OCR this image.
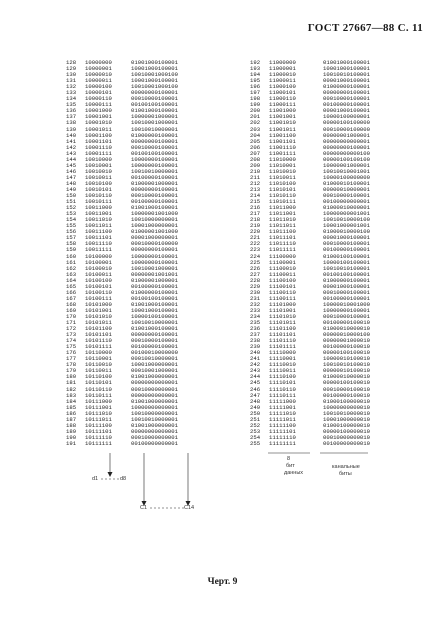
ГОСТ 27667—88 С. 11
128	10000000	01001000100001
129	10000001	10001000100001
130	10000010	10010001000100
131	10000011	10001000100001
132	10000100	10010001000100
133	10000101	00000000100001
134	10000110	00010000100001
135	10000111	00100100100001
136	10001000	01001000100001
137	10001001	10000001000001
138	10001010	10010001000001
139	10001011	10010010000001
140	10001100	01000000100001
141	10001101	00000000100001
142	10001110	00010000100001
143	10001111	00100100100001
144	10010000	10000000100001
145	10010001	10000000100001
146	10010010	10010010000001
147	10010011	00100000100001
148	10010100	01000001000001
149	10010101	00000000100001
150	10010110	00010000100001
151	10010111	00100000100001
152	10011000	01001000100001
153	10011001	10000001001000
154	10011010	10010000000001
155	10011011	10001000000001
156	10011100	01000001001000
157	10011101	00001000000001
158	10011110	00010000100000
159	10011111	00000000100001
160	10100000	10000000100001
161	10100001	10000000100001
162	10100010	10010001000001
163	10100011	00000001001001
164	10100100	01000001000001
165	10100101	00100000100001
166	10100110	01000000100001
167	10100111	00100100100001
168	10101000	01001000100001
169	10101001	10001000100001
170	10101010	10000100100001
171	10101011	10010010000001
172	10101100	01001000100001
173	10101101	00000000100001
174	10101110	00010000100001
175	10101111	00100000100001
176	10110000	00100010000000
177	10110001	00010010000001
178	10110010	10001000000001
179	10110011	00010001000001
180	10110100	01001000000001
181	10110101	00000000000001
182	10110110	00010000000001
183	10110111	00000000000001
184	10111000	01001000000001
185	10111001	10000000000001
186	10111010	10010000000001
187	10111011	10010010000001
188	10111100	01001000000001
189	10111101	00000000000001
190	10111110	00010000000001
191	10111111	00100000000001
192	11000000	01001000100001
193	11000001	10001000100001
194	11000010	10010010100001
195	11000011	00001000100001
196	11000100	01000000100001
197	11000101	00000000100001
198	11000110	00010000100001
199	11000111	00100000100001
200	11001000	00001000100001
201	11001001	10000100000001
202	11001010	00000100100000
203	11001011	00010000100000
204	11001100	00000001000001
205	11001101	00000000000001
206	11001110	00000000100001
207	11001111	00000000000100
208	11010000	00000100100100
209	11010001	10000001000001
210	11010010	10010010001001
211	11010011	10000100000000
212	11010100	01000010100001
213	11010101	00000010000001
214	11010110	00010000100001
215	11010111	00100000000001
216	11011000	01000010000001
217	11011001	10000000001001
218	11011010	10010010000100
219	11011011	10001000001001
220	11011100	01000010000100
221	11011101	00001000100001
222	11011110	00010000100001
223	11011111	00100000100001
224	11100000	01000100100001
225	11100001	10000100100001
226	11100010	10010010100001
227	11100011	00100100100001
228	11100100	01000000100001
229	11100101	00001000100001
230	11100110	00010000100001
231	11100111	00100000100001
232	11101000	10000010001000
233	11101001	10000000100001
234	11101010	00010000100001
235	11101011	00100000100010
236	11101100	01000010000010
237	11101101	00000010000100
238	11101110	00000001000010
239	11101111	00100000100010
240	11110000	00000100100010
241	11110001	10000010100010
242	11110010	10010010100010
243	11110011	00000010100010
244	11110100	01000010000010
245	11110101	00000100100010
246	11110110	00010000100010
247	11110111	00100000100010
248	11111000	01000100000010
249	11111001	10000000000010
250	11111010	10010010000010
251	11111011	10001000000010
252	11111100	01000100000010
253	11111101	00000100000010
254	11111110	00010000000010
255	11111111	00100000000010
d1	d8
C1	C14
8
бит
данных
канальные
биты
Черт. 9
